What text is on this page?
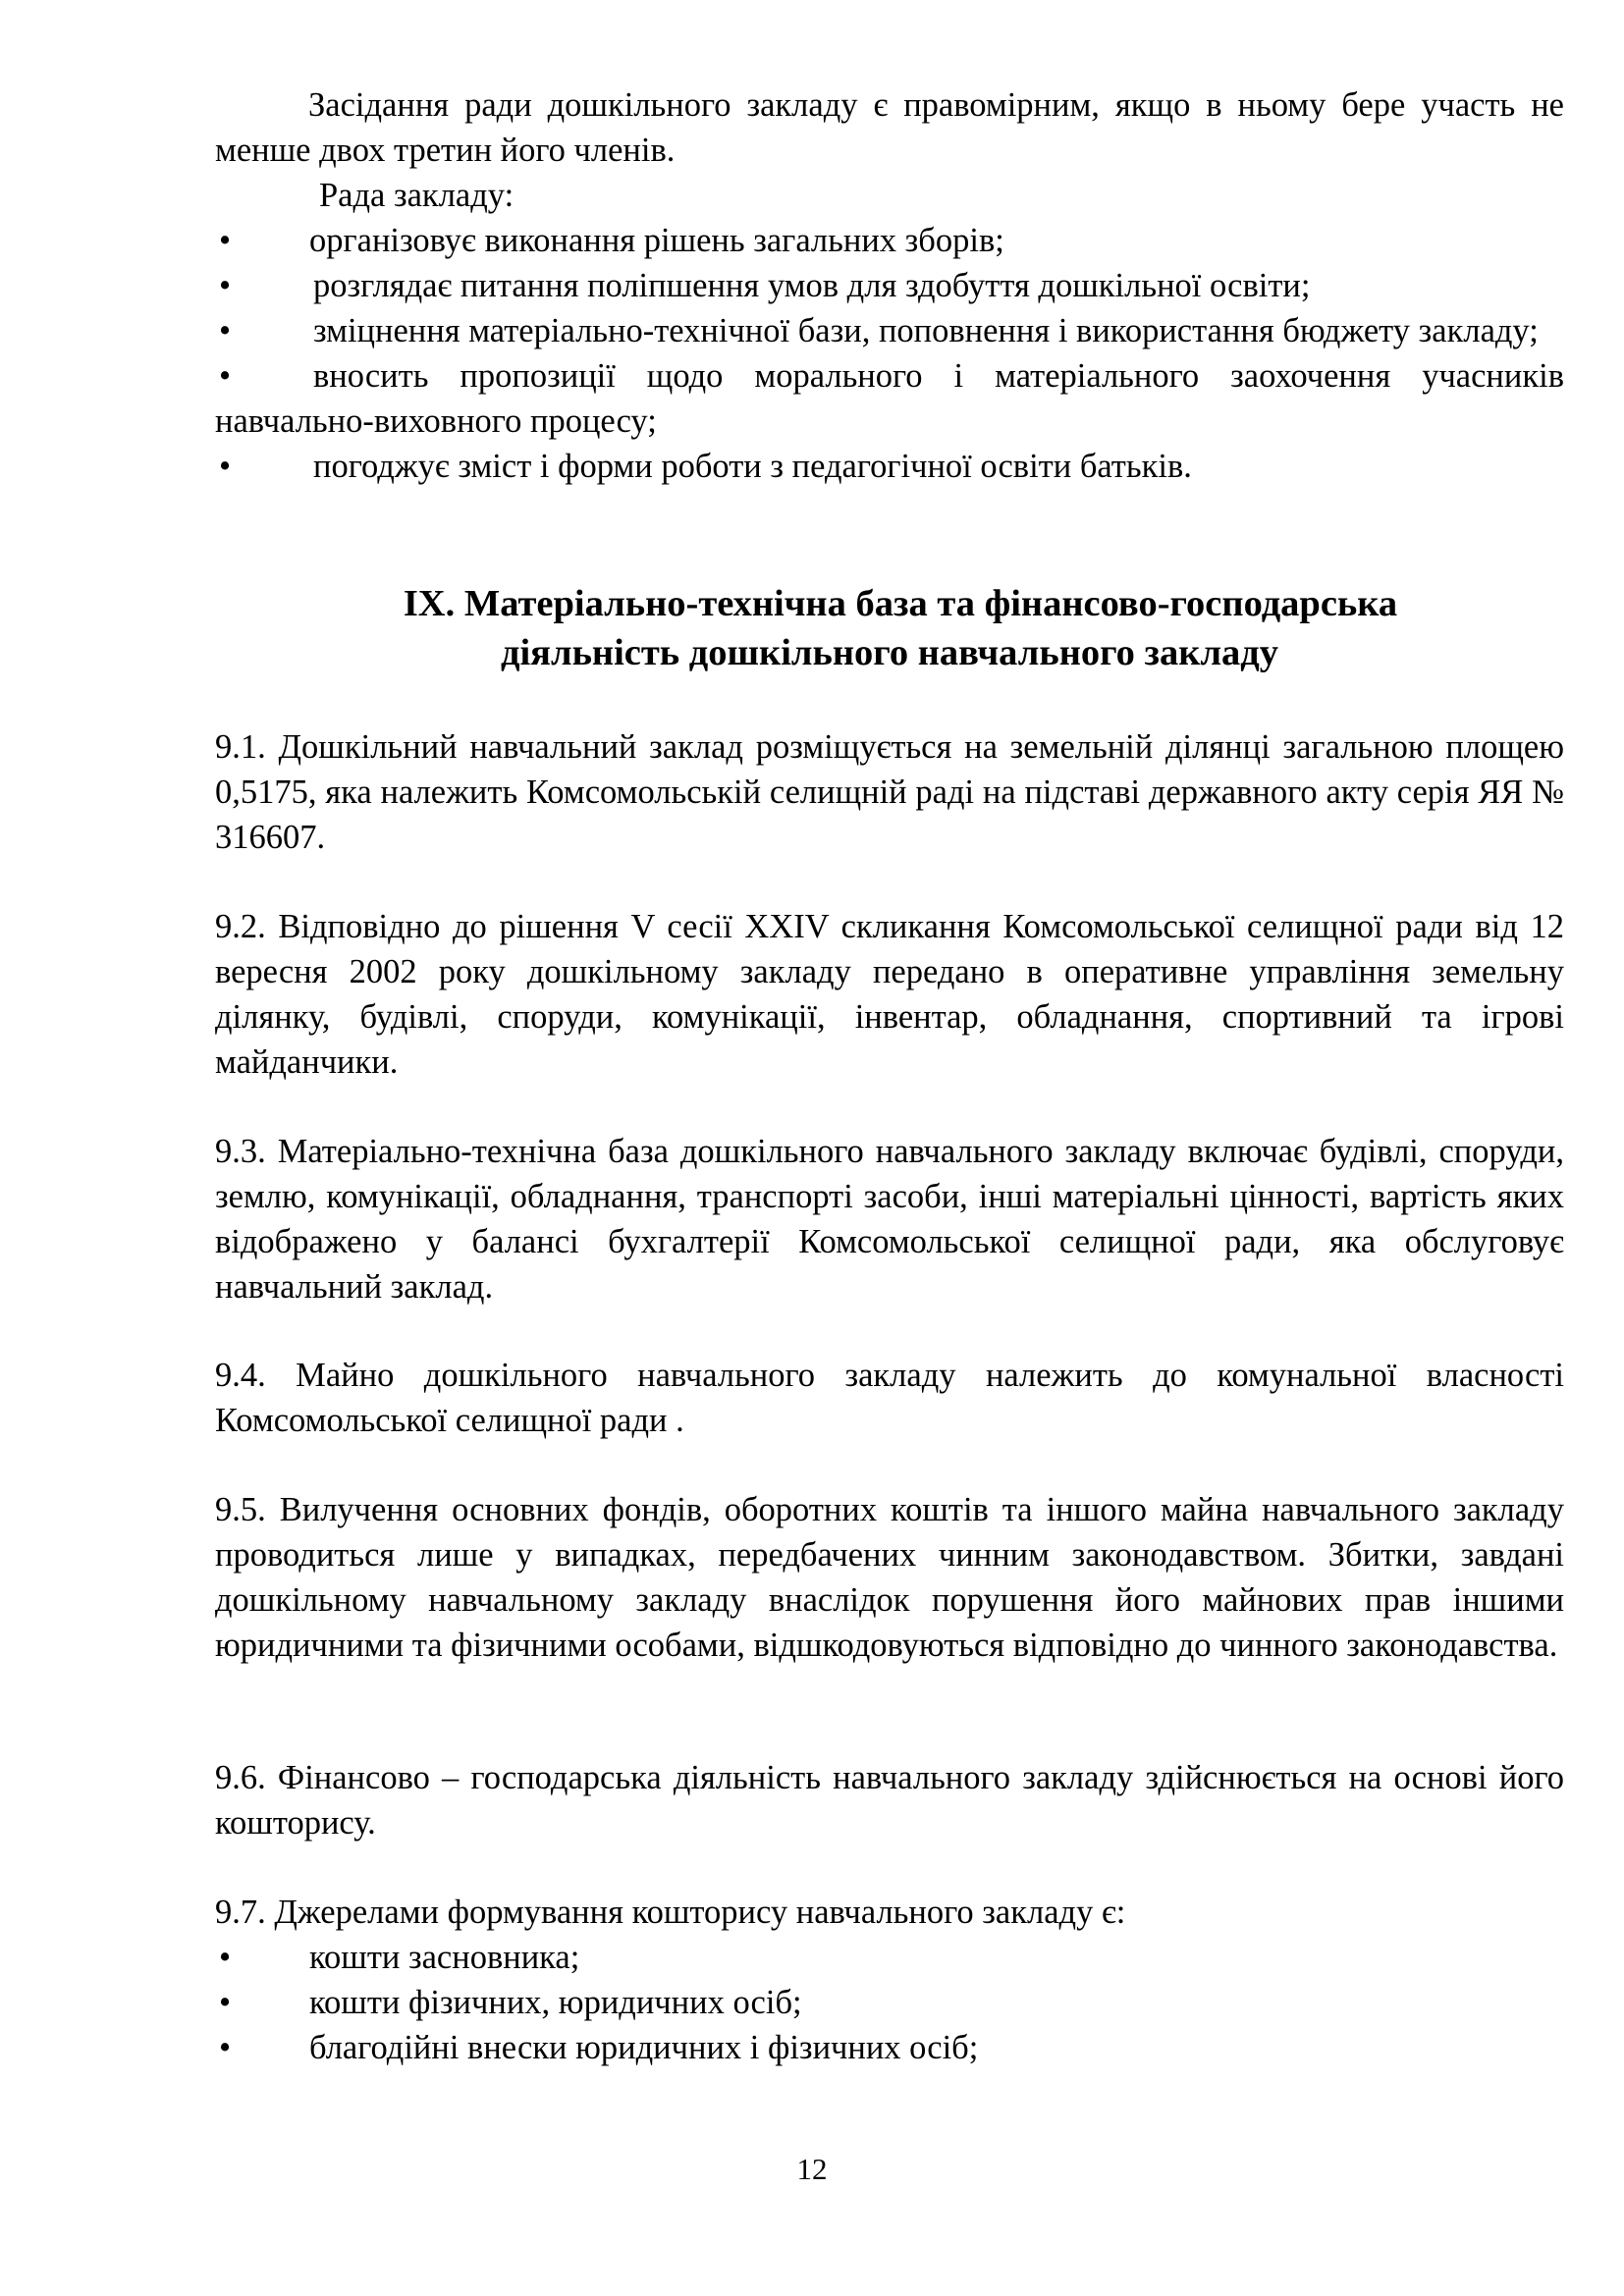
Засідання ради дошкільного закладу є правомірним, якщо в ньому бере участь не менше двох третин його членів.

Рада закладу:

•	організовує виконання рішень загальних зборів;
•	розглядає питання поліпшення умов для здобуття дошкільної освіти;
•	зміцнення матеріально-технічної бази, поповнення і використання бюджету закладу;
•	вносить пропозиції щодо морального і матеріального заохочення учасників навчально-виховного процесу;
•	погоджує зміст і форми роботи з педагогічної освіти батьків.
ІХ. Матеріально-технічна база та фінансово-господарська
діяльність дошкільного навчального закладу

9.1. Дошкільний навчальний заклад розміщується на земельній ділянці загальною площею 0,5175, яка належить Комсомольській селищній раді на підставі державного акту серія ЯЯ № 316607.

9.2. Відповідно до рішення V сесії XXIV скликання Комсомольської селищної ради від 12 вересня 2002 року дошкільному закладу передано в оперативне управління земельну ділянку, будівлі, споруди, комунікації, інвентар, обладнання, спортивний та ігрові майданчики.

9.3. Матеріально-технічна база дошкільного навчального закладу включає будівлі, споруди, землю, комунікації, обладнання, транспорті засоби, інші матеріальні цінності, вартість яких відображено у балансі бухгалтерії Комсомольської селищної ради, яка обслуговує навчальний заклад.

9.4. Майно дошкільного навчального закладу належить до комунальної власності Комсомольської селищної ради .

9.5. Вилучення основних фондів, оборотних коштів та іншого майна навчального закладу проводиться лише у випадках, передбачених чинним законодавством. Збитки, завдані дошкільному навчальному закладу внаслідок порушення його майнових прав іншими юридичними та фізичними особами, відшкодовуються відповідно до чинного законодавства.

9.6. Фінансово – господарська діяльність навчального закладу здійснюється на основі його кошторису.

9.7. Джерелами формування кошторису навчального закладу є:

•	кошти засновника;
•	кошти фізичних, юридичних осіб;
•	благодійні внески юридичних і фізичних осіб;
12
